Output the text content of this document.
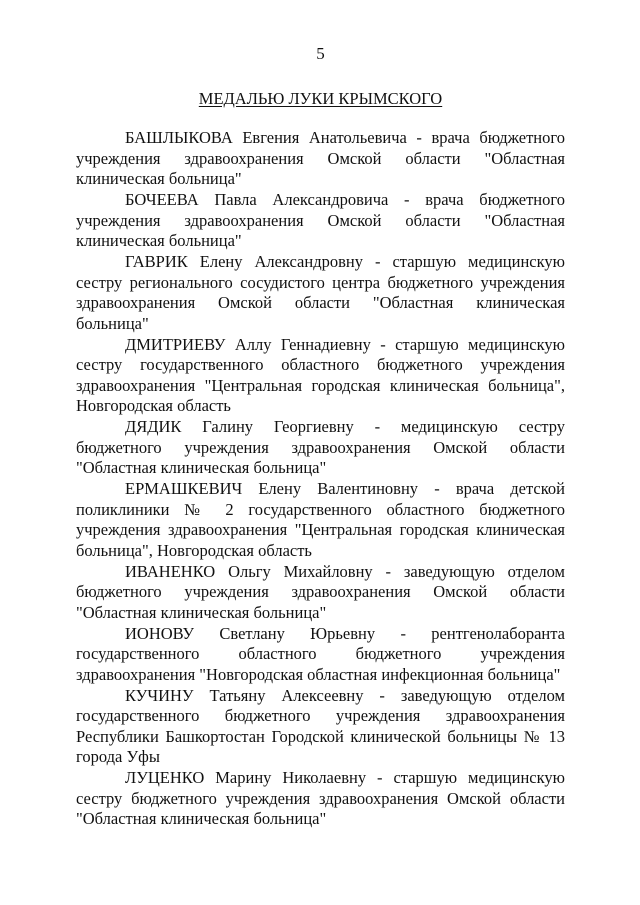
5
МЕДАЛЬЮ ЛУКИ КРЫМСКОГО

БАШЛЫКОВА Евгения Анатольевича - врача бюджетного учреждения здравоохранения Омской области "Областная клиническая больница"

БОЧЕЕВА Павла Александровича - врача бюджетного учреждения здравоохранения Омской области "Областная клиническая больница"

ГАВРИК Елену Александровну - старшую медицинскую сестру регионального сосудистого центра бюджетного учреждения здравоохранения Омской области "Областная клиническая больница"

ДМИТРИЕВУ Аллу Геннадиевну - старшую медицинскую сестру государственного областного бюджетного учреждения здравоохранения "Центральная городская клиническая больница", Новгородская область

ДЯДИК Галину Георгиевну - медицинскую сестру бюджетного учреждения здравоохранения Омской области "Областная клиническая больница"

ЕРМАШКЕВИЧ Елену Валентиновну - врача детской поликлиники № 2 государственного областного бюджетного учреждения здравоохранения "Центральная городская клиническая больница", Новгородская область

ИВАНЕНКО Ольгу Михайловну - заведующую отделом бюджетного учреждения здравоохранения Омской области "Областная клиническая больница"

ИОНОВУ Светлану Юрьевну - рентгенолаборанта государственного областного бюджетного учреждения здравоохранения "Новгородская областная инфекционная больница"

КУЧИНУ Татьяну Алексеевну - заведующую отделом государственного бюджетного учреждения здравоохранения Республики Башкортостан Городской клинической больницы № 13 города Уфы

ЛУЦЕНКО Марину Николаевну - старшую медицинскую сестру бюджетного учреждения здравоохранения Омской области "Областная клиническая больница"
